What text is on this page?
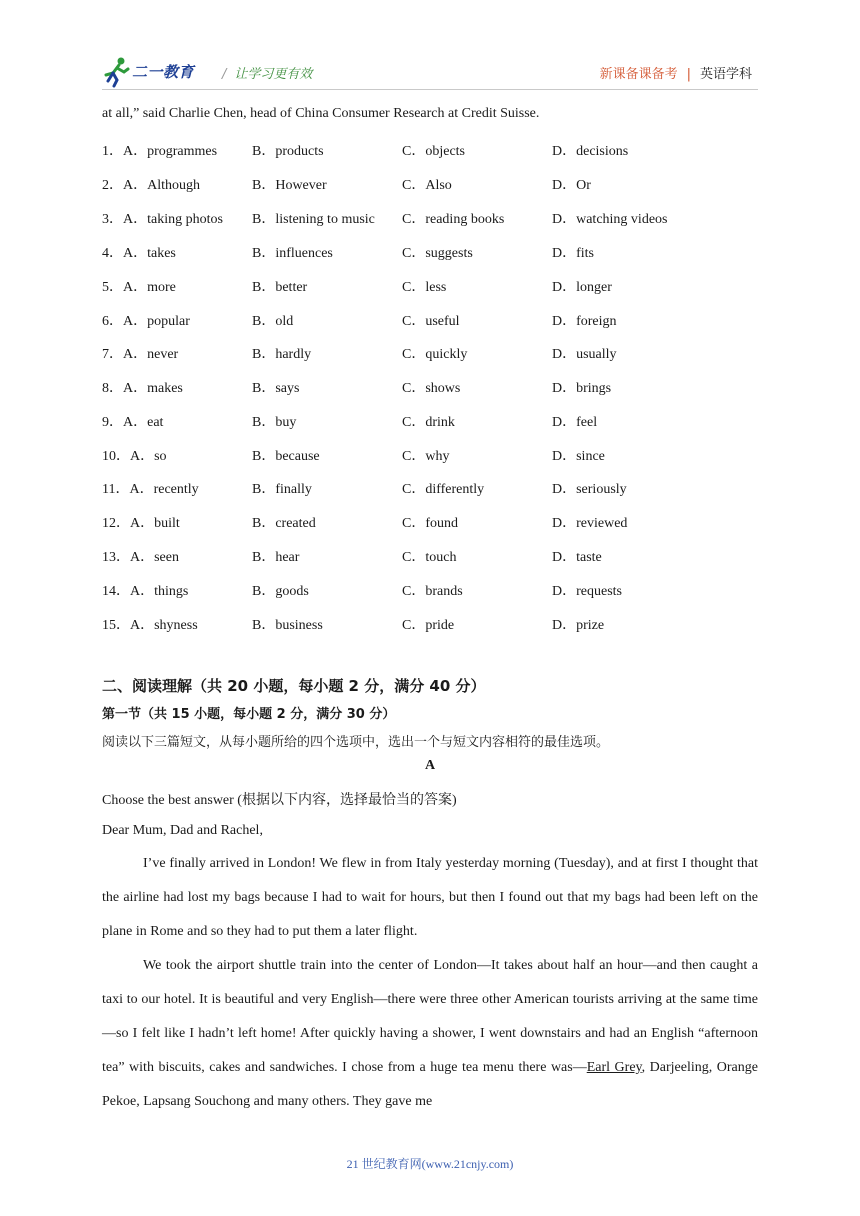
二一教育 / 让学习更有效	新课备课备考 | 英语学科
at all,” said Charlie Chen, head of China Consumer Research at Credit Suisse.
1．A．programmes B．products	C．objects	D．decisions
2．A．Although	B．However	C．Also	D．Or
3．A．taking photos B．listening to music C．reading books	D．watching videos
4．A．takes	B．influences	C．suggests	D．fits
5．A．more	B．better	C．less	D．longer
6．A．popular	B．old	C．useful	D．foreign
7．A．never	B．hardly	C．quickly	D．usually
8．A．makes	B．says	C．shows	D．brings
9．A．eat	B．buy	C．drink	D．feel
10．A．so	B．because	C．why	D．since
11．A．recently	B．finally	C．differently	D．seriously
12．A．built	B．created	C．found	D．reviewed
13．A．seen	B．hear	C．touch	D．taste
14．A．things	B．goods	C．brands	D．requests
15．A．shyness	B．business	C．pride	D．prize
二、阅读理解（共 20 小题，每小题 2 分，满分 40 分）
第一节（共 15 小题，每小题 2 分，满分 30 分）
阅读以下三篇短文，从每小题所给的四个选项中，选出一个与短文内容相符的最佳选项。
A
Choose the best answer (根据以下内容，选择最恰当的答案)
Dear Mum, Dad and Rachel,
I’ve finally arrived in London! We flew in from Italy yesterday morning (Tuesday), and at first I thought that the airline had lost my bags because I had to wait for hours, but then I found out that my bags had been left on the plane in Rome and so they had to put them a later flight.
We took the airport shuttle train into the center of London—It takes about half an hour—and then caught a taxi to our hotel. It is beautiful and very English—there were three other American tourists arriving at the same time—so I felt like I hadn’t left home! After quickly having a shower, I went downstairs and had an English “afternoon tea” with biscuits, cakes and sandwiches. I chose from a huge tea menu there was—Earl Grey, Darjeeling, Orange Pekoe, Lapsang Souchong and many others. They gave me
21 世纪教育网(www.21cnjy.com)
